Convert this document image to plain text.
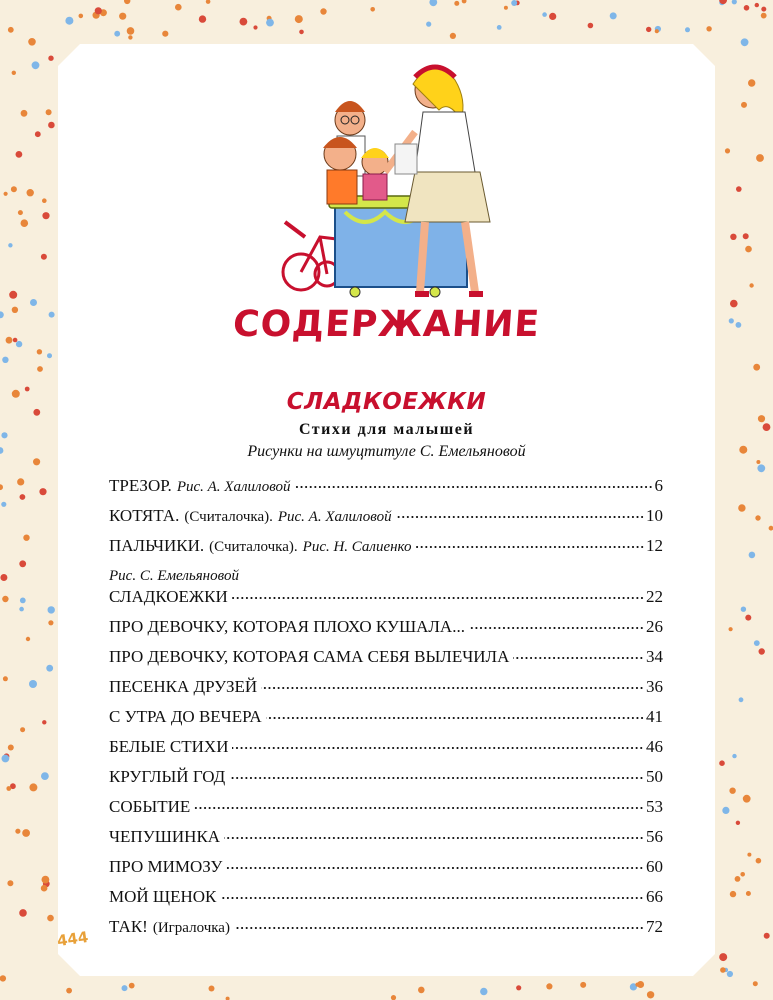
СОДЕРЖАНИЕ
СЛАДКОЕЖКИ
Стихи для малышей
Рисунки на шмуцтитуле С. Емельяновой
ТРЕЗОР. Рис. А. Халиловой	6
КОТЯТА. (Считалочка). Рис. А. Халиловой	10
ПАЛЬЧИКИ. (Считалочка). Рис. Н. Салиенко	12
Рис. С. Емельяновой
СЛАДКОЕЖКИ	22
ПРО ДЕВОЧКУ, КОТОРАЯ ПЛОХО КУШАЛА...	26
ПРО ДЕВОЧКУ, КОТОРАЯ САМА СЕБЯ ВЫЛЕЧИЛА	34
ПЕСЕНКА ДРУЗЕЙ	36
С УТРА ДО ВЕЧЕРА	41
БЕЛЫЕ СТИХИ	46
КРУГЛЫЙ ГОД	50
СОБЫТИЕ	53
ЧЕПУШИНКА	56
ПРО МИМОЗУ	60
МОЙ ЩЕНОК	66
ТАК! (Игралочка)	72
444
